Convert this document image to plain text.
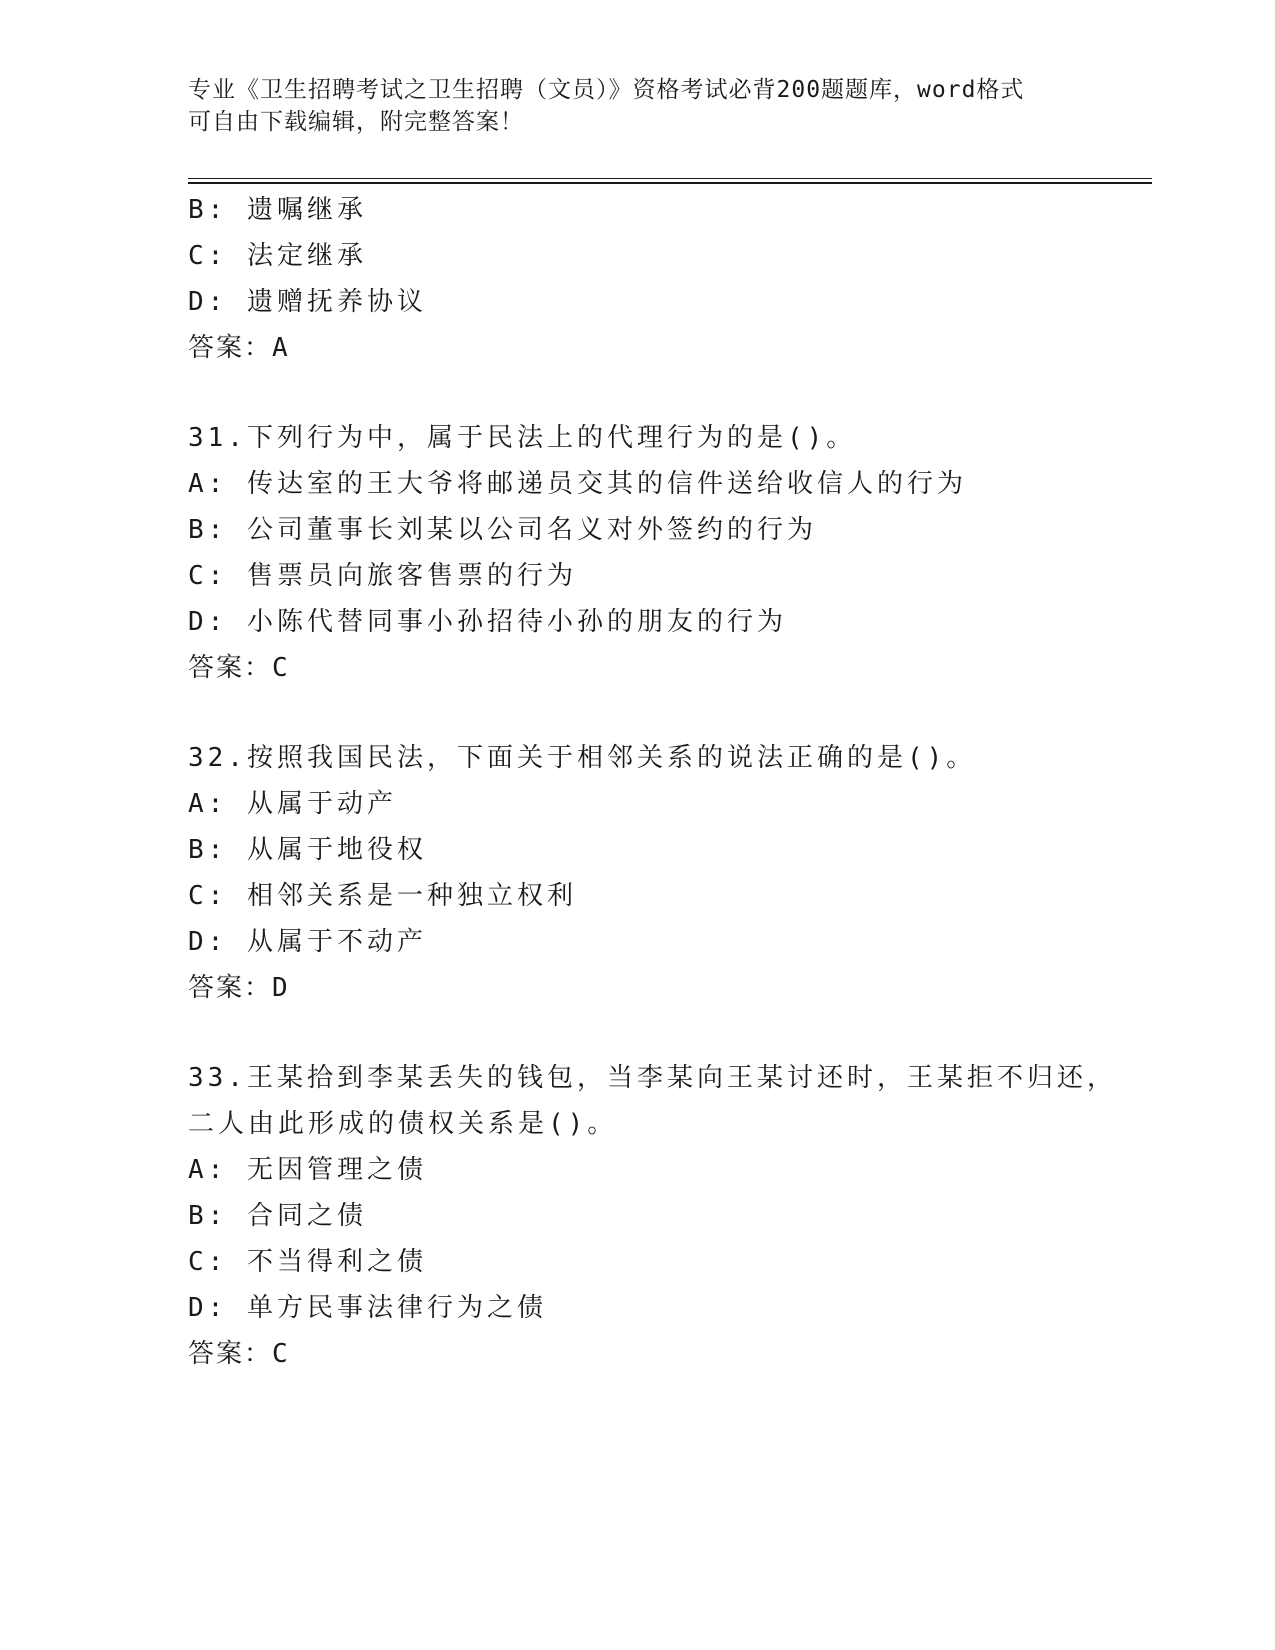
专业《卫生招聘考试之卫生招聘（文员）》资格考试必背200题题库，word格式
可自由下载编辑，附完整答案！
B: 遗嘱继承
C: 法定继承
D: 遗赠抚养协议
答案：A
31.下列行为中，属于民法上的代理行为的是()。
A: 传达室的王大爷将邮递员交其的信件送给收信人的行为
B: 公司董事长刘某以公司名义对外签约的行为
C: 售票员向旅客售票的行为
D: 小陈代替同事小孙招待小孙的朋友的行为
答案：C
32.按照我国民法，下面关于相邻关系的说法正确的是()。
A: 从属于动产
B: 从属于地役权
C: 相邻关系是一种独立权利
D: 从属于不动产
答案：D
33.王某拾到李某丢失的钱包，当李某向王某讨还时，王某拒不归还，
二人由此形成的债权关系是()。
A: 无因管理之债
B: 合同之债
C: 不当得利之债
D: 单方民事法律行为之债
答案：C
